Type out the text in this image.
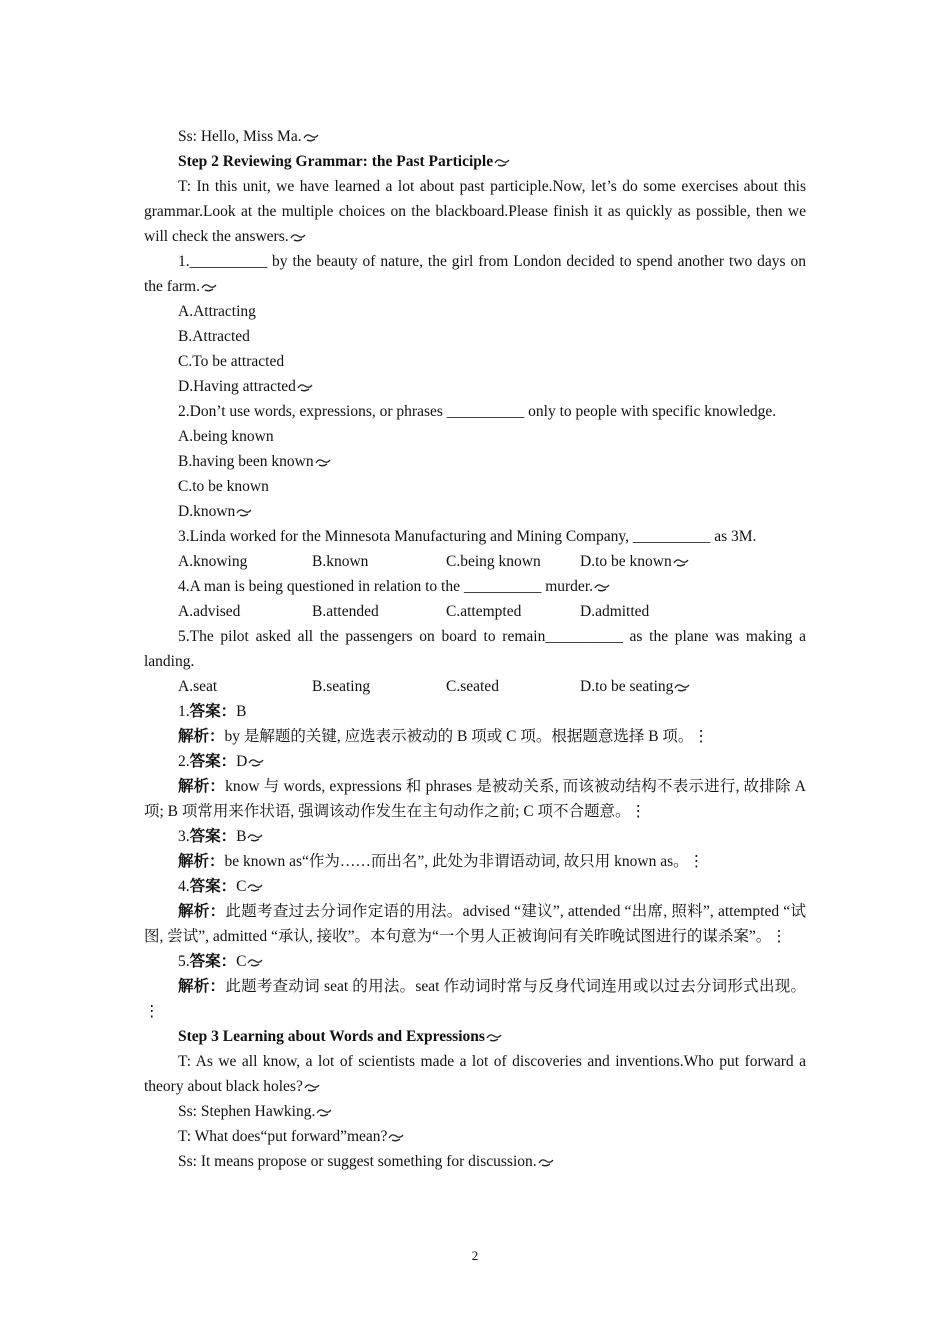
Ss: Hello, Miss Ma.

Step 2 Reviewing Grammar: the Past Participle

T: In this unit, we have learned a lot about past participle.Now, let’s do some exercises about this grammar.Look at the multiple choices on the blackboard.Please finish it as quickly as possible, then we will check the answers.

1.__________ by the beauty of nature, the girl from London decided to spend another two days on the farm.

A.Attracting

B.Attracted

C.To be attracted

D.Having attracted

2.Don’t use words, expressions, or phrases __________ only to people with specific knowledge.

A.being known

B.having been known

C.to be known

D.known

3.Linda worked for the Minnesota Manufacturing and Mining Company, __________ as 3M.

A.knowing	B.known	C.being known	D.to be known

4.A man is being questioned in relation to the __________ murder.

A.advised	B.attended	C.attempted	D.admitted

5.The pilot asked all the passengers on board to remain__________ as the plane was making a landing.

A.seat	B.seating	C.seated	D.to be seating

1.答案：B

解析：by 是解题的关键, 应选表示被动的 B 项或 C 项。根据题意选择 B 项。⋮

2.答案：D

解析：know 与 words, expressions 和 phrases 是被动关系, 而该被动结构不表示进行, 故排除 A 项; B 项常用来作状语, 强调该动作发生在主句动作之前; C 项不合题意。⋮

3.答案：B

解析：be known as“作为……而出名”, 此处为非谓语动词, 故只用 known as。⋮

4.答案：C

解析：此题考查过去分词作定语的用法。advised “建议”, attended “出席, 照料”, attempted “试图, 尝试”, admitted “承认, 接收”。本句意为“一个男人正被询问有关昨晚试图进行的谋杀案”。⋮

5.答案：C

解析：此题考查动词 seat 的用法。seat 作动词时常与反身代词连用或以过去分词形式出现。⋮

Step 3 Learning about Words and Expressions

T: As we all know, a lot of scientists made a lot of discoveries and inventions.Who put forward a theory about black holes?

Ss: Stephen Hawking.

T: What does“put forward”mean?

Ss: It means propose or suggest something for discussion.

2
